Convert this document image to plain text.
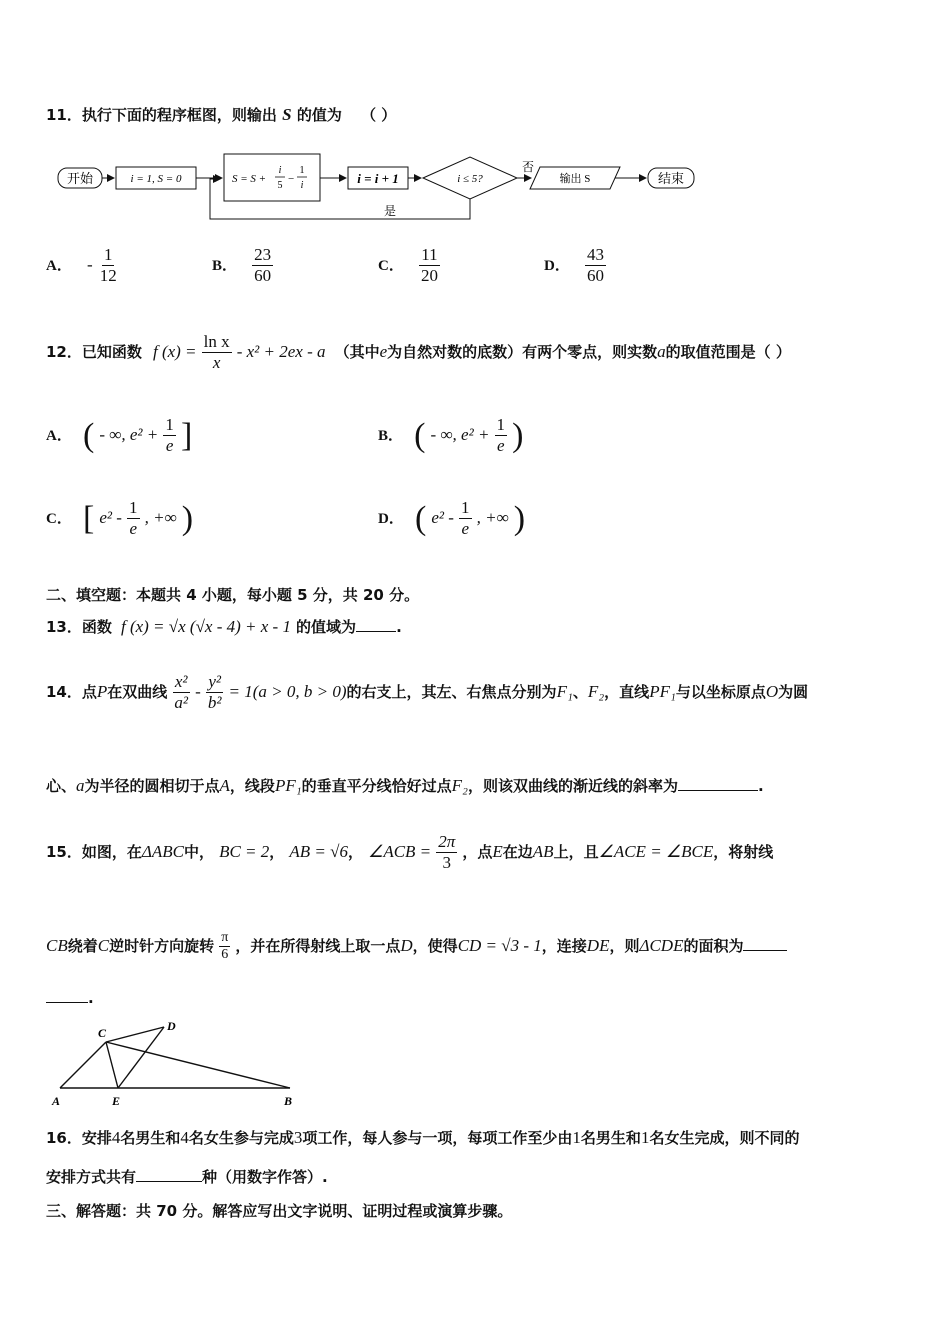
11．执行下面的程序框图，则输出 S 的值为 （ ）
开始	i = 1, S = 0	S = S +
i
5
−
1
i	i = i + 1	i ≤ 5?
否
输出 S	结束
是
A． - $\frac{1}{12}$	B． $\frac{23}{60}$	C． $\frac{11}{20}$	D． $\frac{43}{60}$
12．已知函数 f $(x) = \frac{\text{ln x}}{x} - x^2 + 2ex - a$ （其中e为自然对数的底数）有两个零点，则实数a的取值范围是（ ）
A． ( - ∞, $e^2 + \frac{1}{e}$ ]	B． ( - ∞, $e^2 + \frac{1}{e}$ )
C． [ $e^2 - \frac{1}{e}$ , +∞ )	D． ( $e^2 - \frac{1}{e}$ , +∞ )
二、填空题：本题共 4 小题，每小题 5 分，共 20 分。
13．函数 f (x) = √x (√x - 4) + x - 1 的值域为	.
14．点P在双曲线 $\frac{\text{x²}}{\text{a²}} - \frac{\text{y²}}{\text{b²}} = 1(a > 0$, b > 0)的右支上，其左、右焦点分别为F₁、F₂，直线PF₁与以坐标原点O为圆
心、a为半径的圆相切于点A，线段PF₁的垂直平分线恰好过点F₂，则该双曲线的渐近线的斜率为	.
15．如图，在ΔABC中， BC = 2， AB = √6， ∠ACB = $\frac{2\pi}{3}$ ，点E在边AB上，且∠ACE = ∠BCE，将射线
CB绕着C逆时针方向旋转 $\frac{\pi}{6}$ ，并在所得射线上取一点D，使得CD = √3 - 1，连接DE，则ΔCDE的面积为
.
A	B
C	D
E
16．安排4名男生和4名女生参与完成3项工作，每人参与一项，每项工作至少由1名男生和1名女生完成，则不同的
安排方式共有	种（用数字作答）.
三、解答题：共 70 分。解答应写出文字说明、证明过程或演算步骤。
